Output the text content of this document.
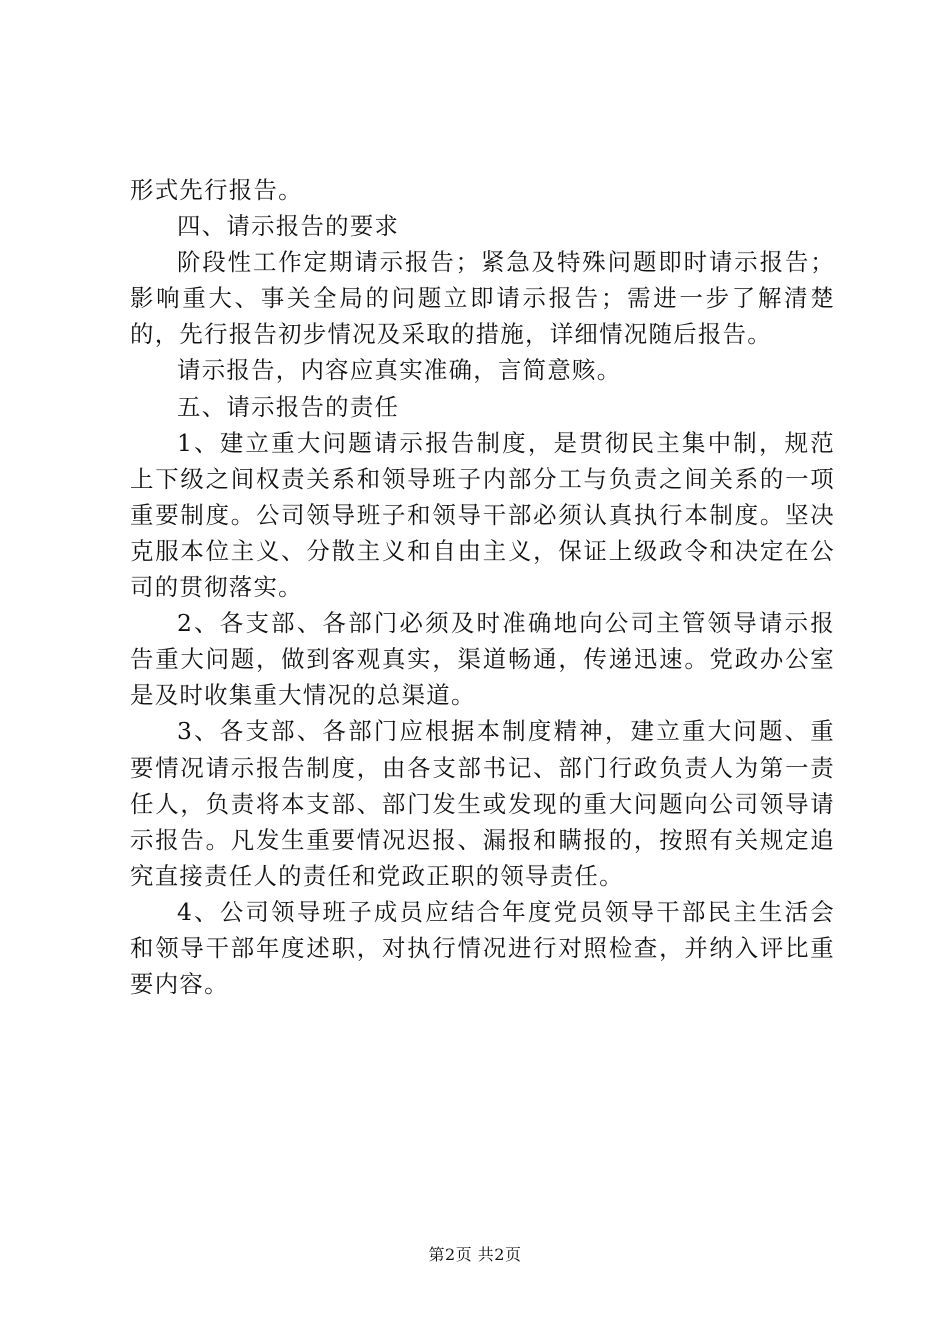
形式先行报告。

四、请示报告的要求

阶段性工作定期请示报告；紧急及特殊问题即时请示报告；影响重大、事关全局的问题立即请示报告；需进一步了解清楚的，先行报告初步情况及采取的措施，详细情况随后报告。

请示报告，内容应真实准确，言简意赅。

五、请示报告的责任

1、建立重大问题请示报告制度，是贯彻民主集中制，规范上下级之间权责关系和领导班子内部分工与负责之间关系的一项重要制度。公司领导班子和领导干部必须认真执行本制度。坚决克服本位主义、分散主义和自由主义，保证上级政令和决定在公司的贯彻落实。

2、各支部、各部门必须及时准确地向公司主管领导请示报告重大问题，做到客观真实，渠道畅通，传递迅速。党政办公室是及时收集重大情况的总渠道。

3、各支部、各部门应根据本制度精神，建立重大问题、重要情况请示报告制度，由各支部书记、部门行政负责人为第一责任人，负责将本支部、部门发生或发现的重大问题向公司领导请示报告。凡发生重要情况迟报、漏报和瞒报的，按照有关规定追究直接责任人的责任和党政正职的领导责任。

4、公司领导班子成员应结合年度党员领导干部民主生活会和领导干部年度述职，对执行情况进行对照检查，并纳入评比重要内容。

第2页 共2页
